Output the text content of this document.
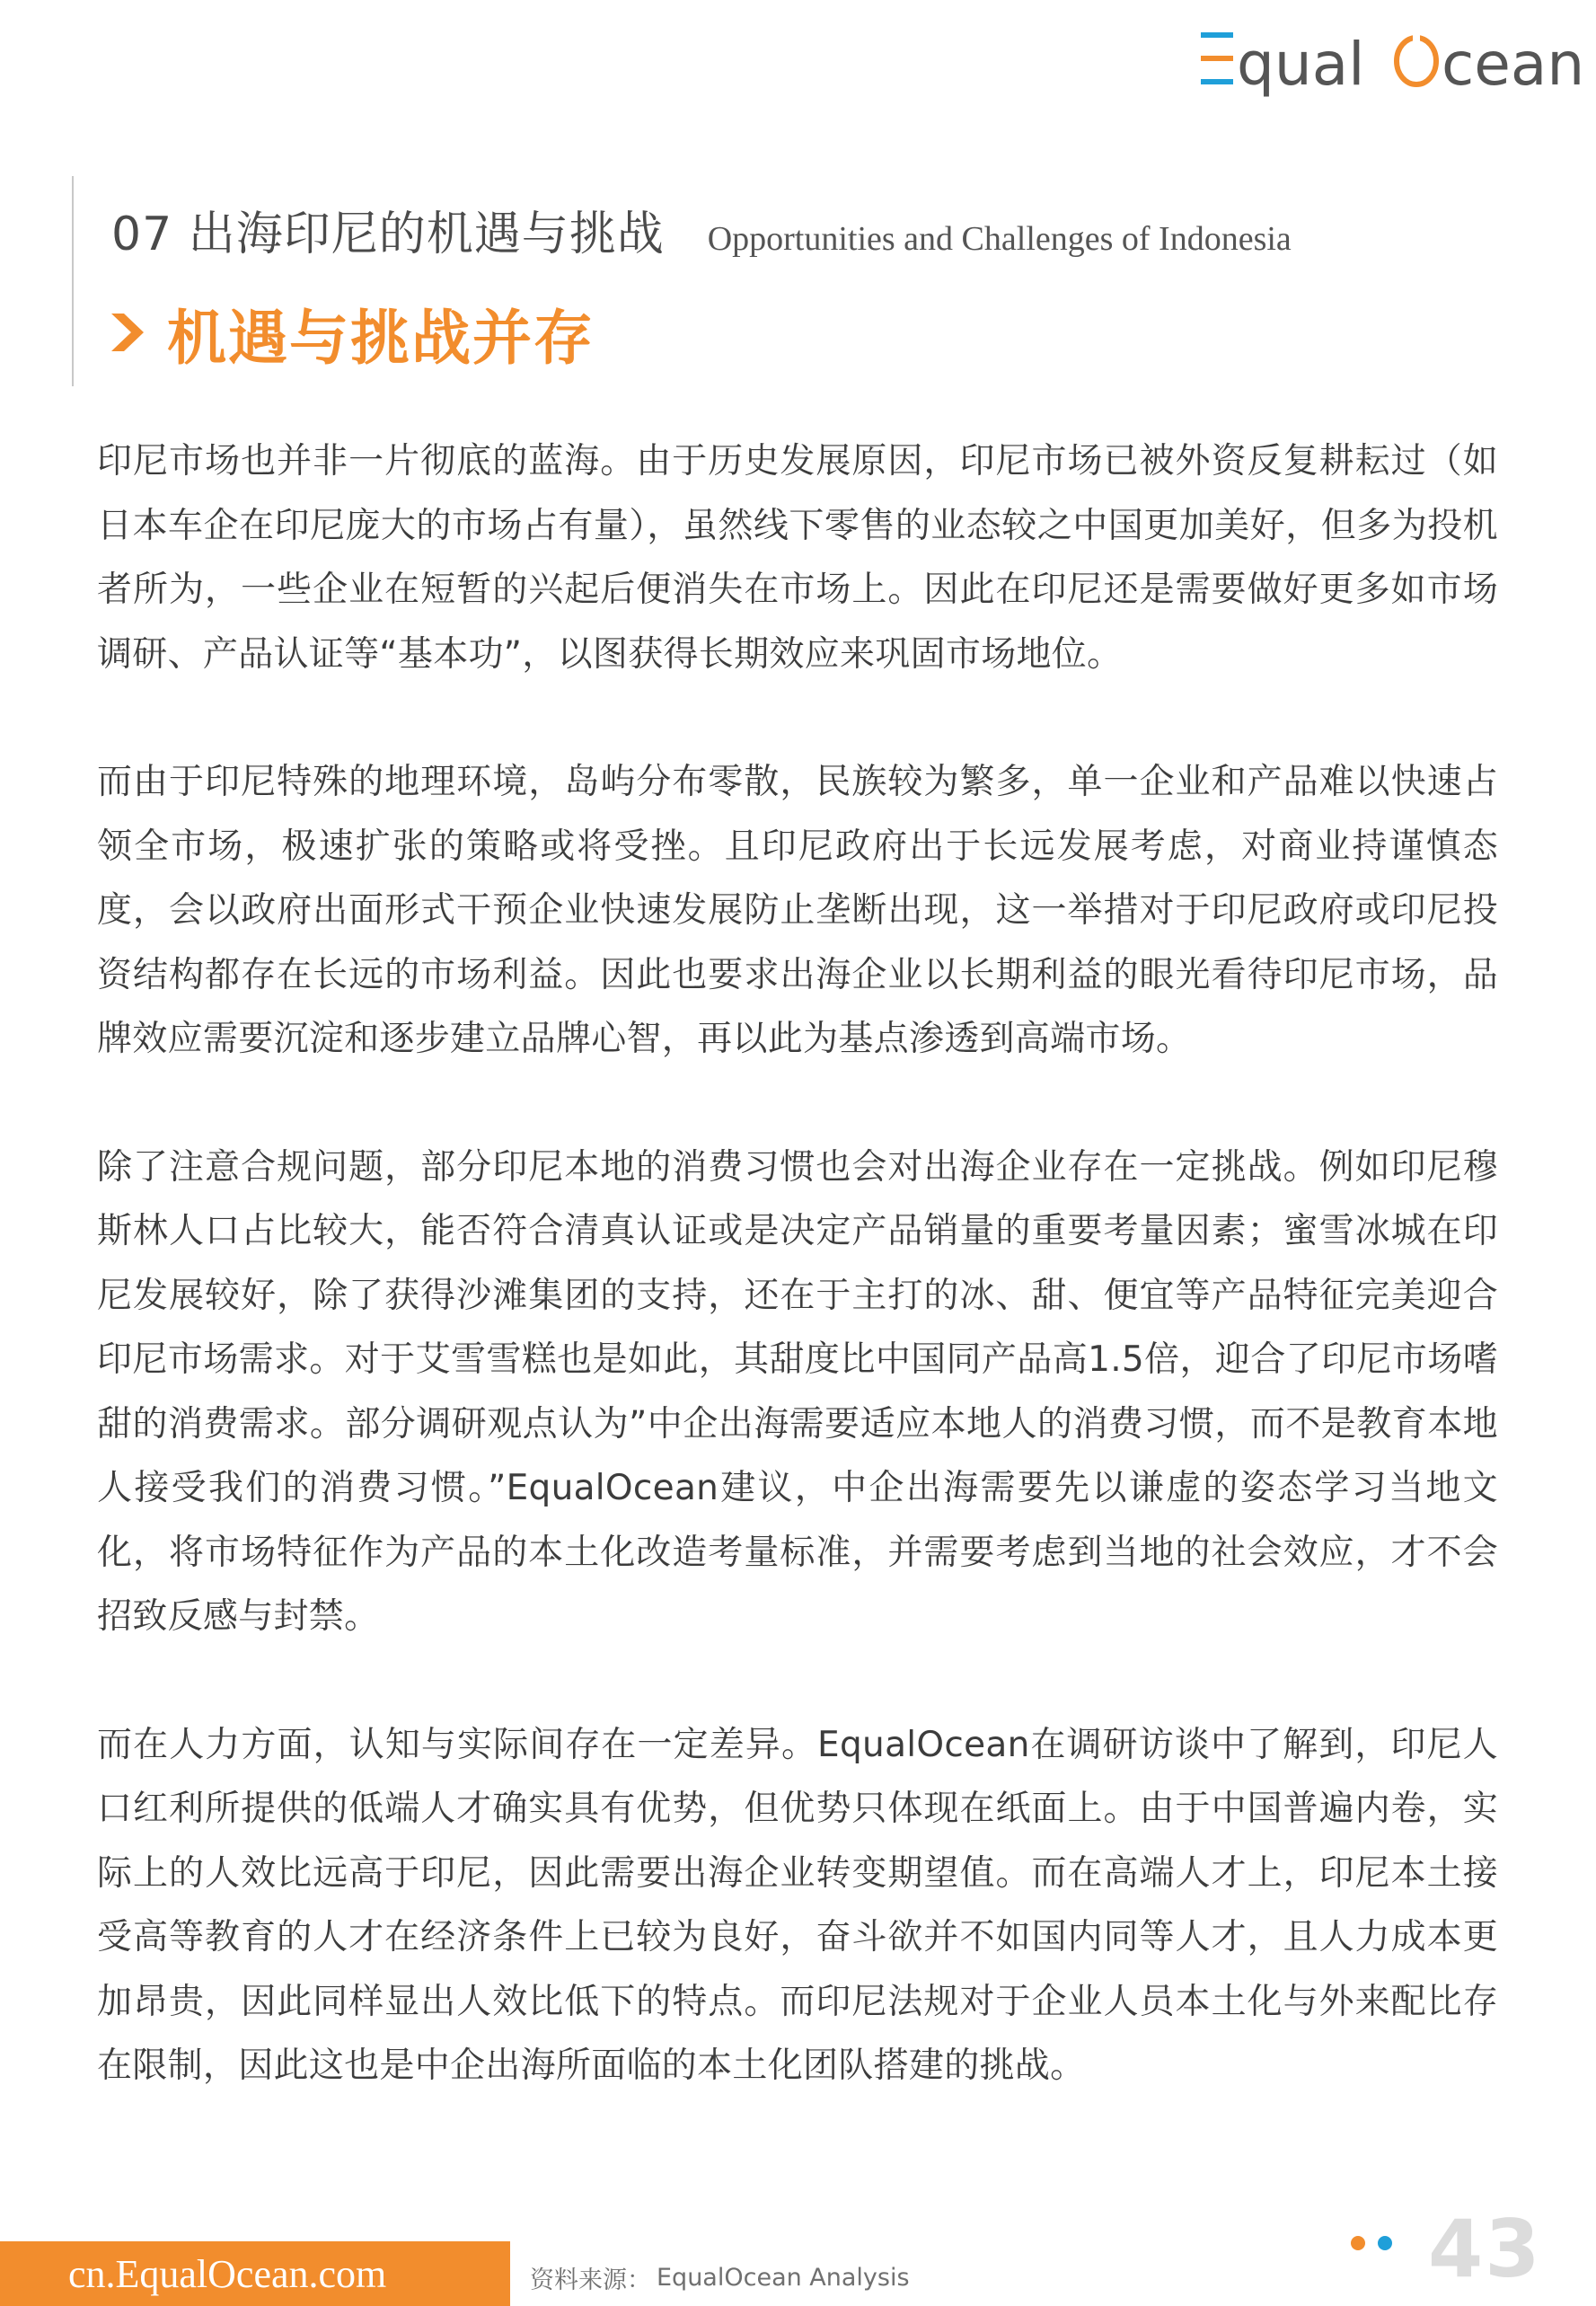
qual cean
07 出海印尼的机遇与挑战 Opportunities and Challenges of Indonesia
机遇与挑战并存

印尼市场也并非一片彻底的蓝海。由于历史发展原因，印尼市场已被外资反复耕耘过（如日本车企在印尼庞大的市场占有量），虽然线下零售的业态较之中国更加美好，但多为投机者所为，一些企业在短暂的兴起后便消失在市场上。因此在印尼还是需要做好更多如市场调研、产品认证等“基本功”，以图获得长期效应来巩固市场地位。

而由于印尼特殊的地理环境，岛屿分布零散，民族较为繁多，单一企业和产品难以快速占领全市场，极速扩张的策略或将受挫。且印尼政府出于长远发展考虑，对商业持谨慎态度，会以政府出面形式干预企业快速发展防止垄断出现，这一举措对于印尼政府或印尼投资结构都存在长远的市场利益。因此也要求出海企业以长期利益的眼光看待印尼市场，品牌效应需要沉淀和逐步建立品牌心智，再以此为基点渗透到高端市场。

除了注意合规问题，部分印尼本地的消费习惯也会对出海企业存在一定挑战。例如印尼穆斯林人口占比较大，能否符合清真认证或是决定产品销量的重要考量因素；蜜雪冰城在印尼发展较好，除了获得沙滩集团的支持，还在于主打的冰、甜、便宜等产品特征完美迎合印尼市场需求。对于艾雪雪糕也是如此，其甜度比中国同产品高1.5倍，迎合了印尼市场嗜甜的消费需求。部分调研观点认为”中企出海需要适应本地人的消费习惯，而不是教育本地人接受我们的消费习惯。”EqualOcean建议，中企出海需要先以谦虚的姿态学习当地文化，将市场特征作为产品的本土化改造考量标准，并需要考虑到当地的社会效应，才不会招致反感与封禁。

而在人力方面，认知与实际间存在一定差异。EqualOcean在调研访谈中了解到，印尼人口红利所提供的低端人才确实具有优势，但优势只体现在纸面上。由于中国普遍内卷，实际上的人效比远高于印尼，因此需要出海企业转变期望值。而在高端人才上，印尼本土接受高等教育的人才在经济条件上已较为良好，奋斗欲并不如国内同等人才，且人力成本更加昂贵，因此同样显出人效比低下的特点。而印尼法规对于企业人员本土化与外来配比存在限制，因此这也是中企出海所面临的本土化团队搭建的挑战。

cn.EqualOcean.com	资料来源： EqualOcean Analysis	43
